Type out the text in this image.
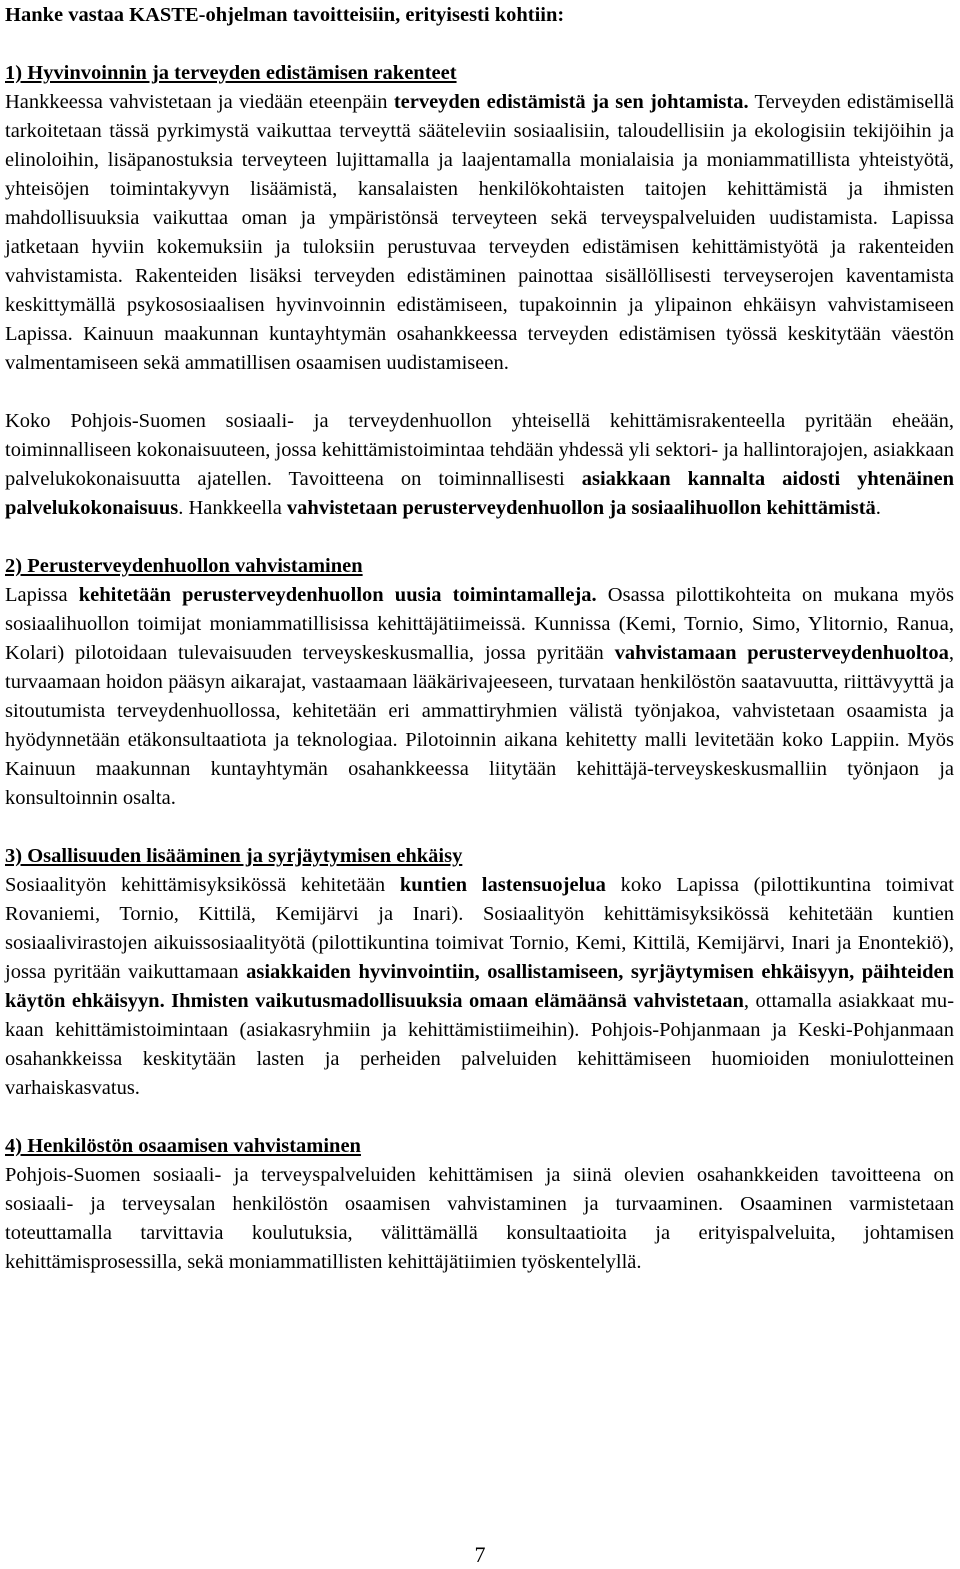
Hanke vastaa KASTE-ohjelman tavoitteisiin, erityisesti kohtiin:

1) Hyvinvoinnin ja terveyden edistämisen rakenteet

Hankkeessa vahvistetaan ja viedään eteenpäin terveyden edistämistä ja sen johtamista. Terveyden edistämisellä tarkoitetaan tässä pyrkimystä vaikuttaa terveyttä sääteleviin sosiaalisiin, taloudellisiin ja ekologisiin tekijöihin ja elinoloihin, lisäpanostuksia terveyteen lujittamalla ja laajentamalla monialaisia ja moniammatillista yhteistyötä, yhteisöjen toimintakyvyn lisäämistä, kansalaisten henkilökohtaisten taitojen kehittämistä ja ihmisten mahdollisuuksia vaikuttaa oman ja ympäristönsä terveyteen sekä terveyspalveluiden uudistamista. Lapissa jatketaan hyviin kokemuksiin ja tuloksiin perustuvaa terveyden edistämisen kehittämistyötä ja rakenteiden vahvistamista. Rakenteiden lisäksi terveyden edistäminen painottaa sisällöllisesti terveyserojen kaventamista keskittymällä psykososiaalisen hyvinvoinnin edistämiseen, tupakoinnin ja ylipainon ehkäisyn vahvistamiseen Lapissa. Kainuun maakunnan kuntayhtymän osahankkeessa terveyden edistämisen työssä keskitytään väestön valmentamiseen sekä ammatillisen osaamisen uudistamiseen.

Koko Pohjois-Suomen sosiaali- ja terveydenhuollon yhteisellä kehittämisrakenteella pyritään eheään, toiminnalliseen kokonaisuuteen, jossa kehittämistoimintaa tehdään yhdessä yli sektori- ja hallintorajojen, asiakkaan palvelukokonaisuutta ajatellen. Tavoitteena on toiminnallisesti asiakkaan kannalta aidosti yhtenäinen palvelukokonaisuus. Hankkeella vahvistetaan perusterveydenhuollon ja sosiaalihuollon kehittämistä.

2) Perusterveydenhuollon vahvistaminen

Lapissa kehitetään perusterveydenhuollon uusia toimintamalleja. Osassa pilottikohteita on mukana myös sosiaalihuollon toimijat moniammatillisissa kehittäjätiimeissä. Kunnissa (Kemi, Tornio, Simo, Ylitornio, Ranua, Kolari) pilotoidaan tulevaisuuden terveyskeskusmallia, jossa pyritään vahvistamaan perusterveydenhuoltoa, turvaamaan hoidon pääsyn aikarajat, vastaamaan lääkärivajeeseen, turvataan henkilöstön saatavuutta, riittävyyttä ja sitoutumista terveydenhuollossa, kehitetään eri ammattiryhmien välistä työnjakoa, vahvistetaan osaamista ja hyödynnetään etäkonsultaatiota ja teknologiaa. Pilotoinnin aikana kehitetty malli levitetään koko Lappiin. Myös Kainuun maakunnan kuntayhtymän osahankkeessa liitytään kehittäjä-terveyskeskusmalliin työnjaon ja konsultoinnin osalta.

3) Osallisuuden lisääminen ja syrjäytymisen ehkäisy

Sosiaalityön kehittämisyksikössä kehitetään kuntien lastensuojelua koko Lapissa (pilottikuntina toimivat Rovaniemi, Tornio, Kittilä, Kemijärvi ja Inari). Sosiaalityön kehittämisyksikössä kehitetään kuntien sosiaalivirastojen aikuissosiaalityötä (pilottikuntina toimivat Tornio, Kemi, Kittilä, Kemijärvi, Inari ja Enontekiö), jossa pyritään vaikuttamaan asiakkaiden hyvinvointiin, osallistamiseen, syrjäytymisen ehkäisyyn, päihteiden käytön ehkäisyyn. Ihmisten vaikutusmadollisuuksia omaan elämäänsä vahvistetaan, ottamalla asiakkaat mukaan kehittämistoimintaan (asiakasryhmiin ja kehittämistiimeihin). Pohjois-Pohjanmaan ja Keski-Pohjanmaan osahankkeissa keskitytään lasten ja perheiden palveluiden kehittämiseen huomioiden moniulotteinen varhaiskasvatus.

4) Henkilöstön osaamisen vahvistaminen

Pohjois-Suomen sosiaali- ja terveyspalveluiden kehittämisen ja siinä olevien osahankkeiden tavoitteena on sosiaali- ja terveysalan henkilöstön osaamisen vahvistaminen ja turvaaminen. Osaaminen varmistetaan toteuttamalla tarvittavia koulutuksia, välittämällä konsultaatioita ja erityispalveluita, johtamisen kehittämisprosessilla, sekä moniammatillisten kehittäjätiimien työskentelyllä.

7
